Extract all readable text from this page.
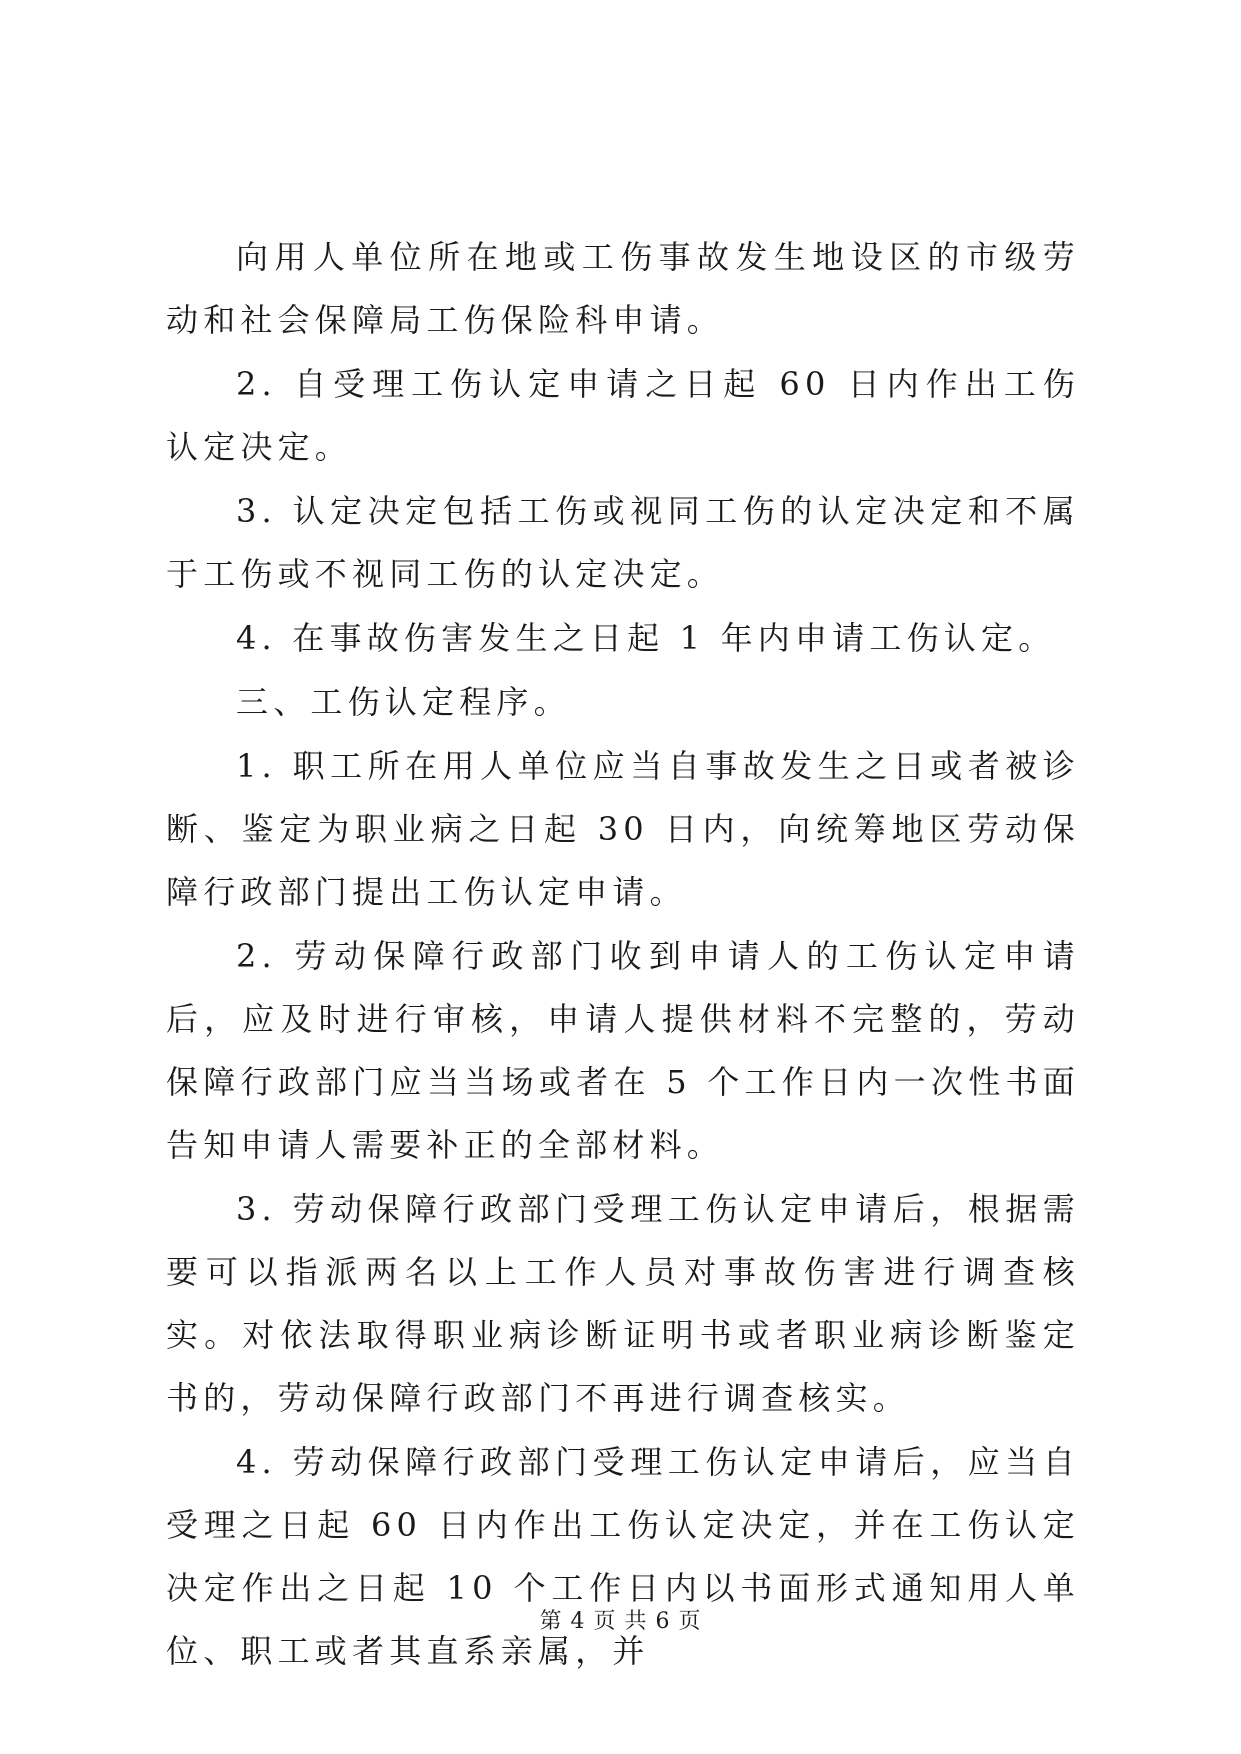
向用人单位所在地或工伤事故发生地设区的市级劳动和社会保障局工伤保险科申请。

2. 自受理工伤认定申请之日起 60 日内作出工伤认定决定。

3. 认定决定包括工伤或视同工伤的认定决定和不属于工伤或不视同工伤的认定决定。

4. 在事故伤害发生之日起 1 年内申请工伤认定。

三、工伤认定程序。

1. 职工所在用人单位应当自事故发生之日或者被诊断、鉴定为职业病之日起 30 日内，向统筹地区劳动保障行政部门提出工伤认定申请。

2. 劳动保障行政部门收到申请人的工伤认定申请后，应及时进行审核，申请人提供材料不完整的，劳动保障行政部门应当当场或者在 5 个工作日内一次性书面告知申请人需要补正的全部材料。

3. 劳动保障行政部门受理工伤认定申请后，根据需要可以指派两名以上工作人员对事故伤害进行调查核实。对依法取得职业病诊断证明书或者职业病诊断鉴定书的，劳动保障行政部门不再进行调查核实。

4. 劳动保障行政部门受理工伤认定申请后，应当自受理之日起 60 日内作出工伤认定决定，并在工伤认定决定作出之日起 10 个工作日内以书面形式通知用人单位、职工或者其直系亲属，并

第 4 页 共 6 页
